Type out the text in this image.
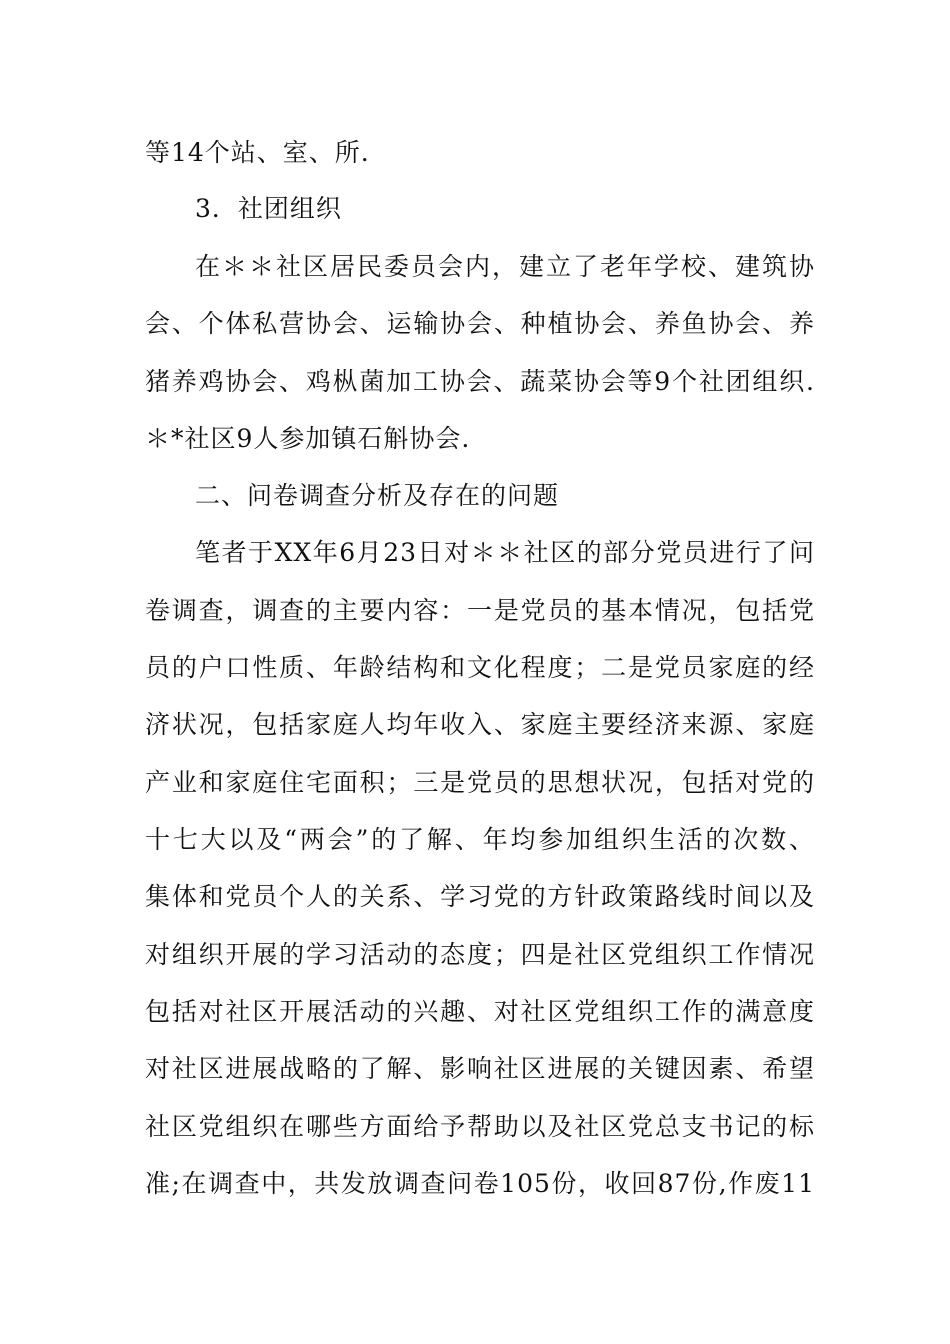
等14个站、室、所.
3．社团组织
在＊＊社区居民委员会内，建立了老年学校、建筑协
会、个体私营协会、运输协会、种植协会、养鱼协会、养
猪养鸡协会、鸡枞菌加工协会、蔬菜协会等9个社团组织.
＊*社区9人参加镇石斛协会.
二、问卷调查分析及存在的问题
笔者于XX年6月23日对＊＊社区的部分党员进行了问
卷调查，调查的主要内容：一是党员的基本情况，包括党
员的户口性质、年龄结构和文化程度；二是党员家庭的经
济状况，包括家庭人均年收入、家庭主要经济来源、家庭
产业和家庭住宅面积；三是党员的思想状况，包括对党的
十七大以及“两会”的了解、年均参加组织生活的次数、
集体和党员个人的关系、学习党的方针政策路线时间以及
对组织开展的学习活动的态度；四是社区党组织工作情况
包括对社区开展活动的兴趣、对社区党组织工作的满意度
对社区进展战略的了解、影响社区进展的关键因素、希望
社区党组织在哪些方面给予帮助以及社区党总支书记的标
准;在调查中，共发放调查问卷105份，收回87份,作废11
